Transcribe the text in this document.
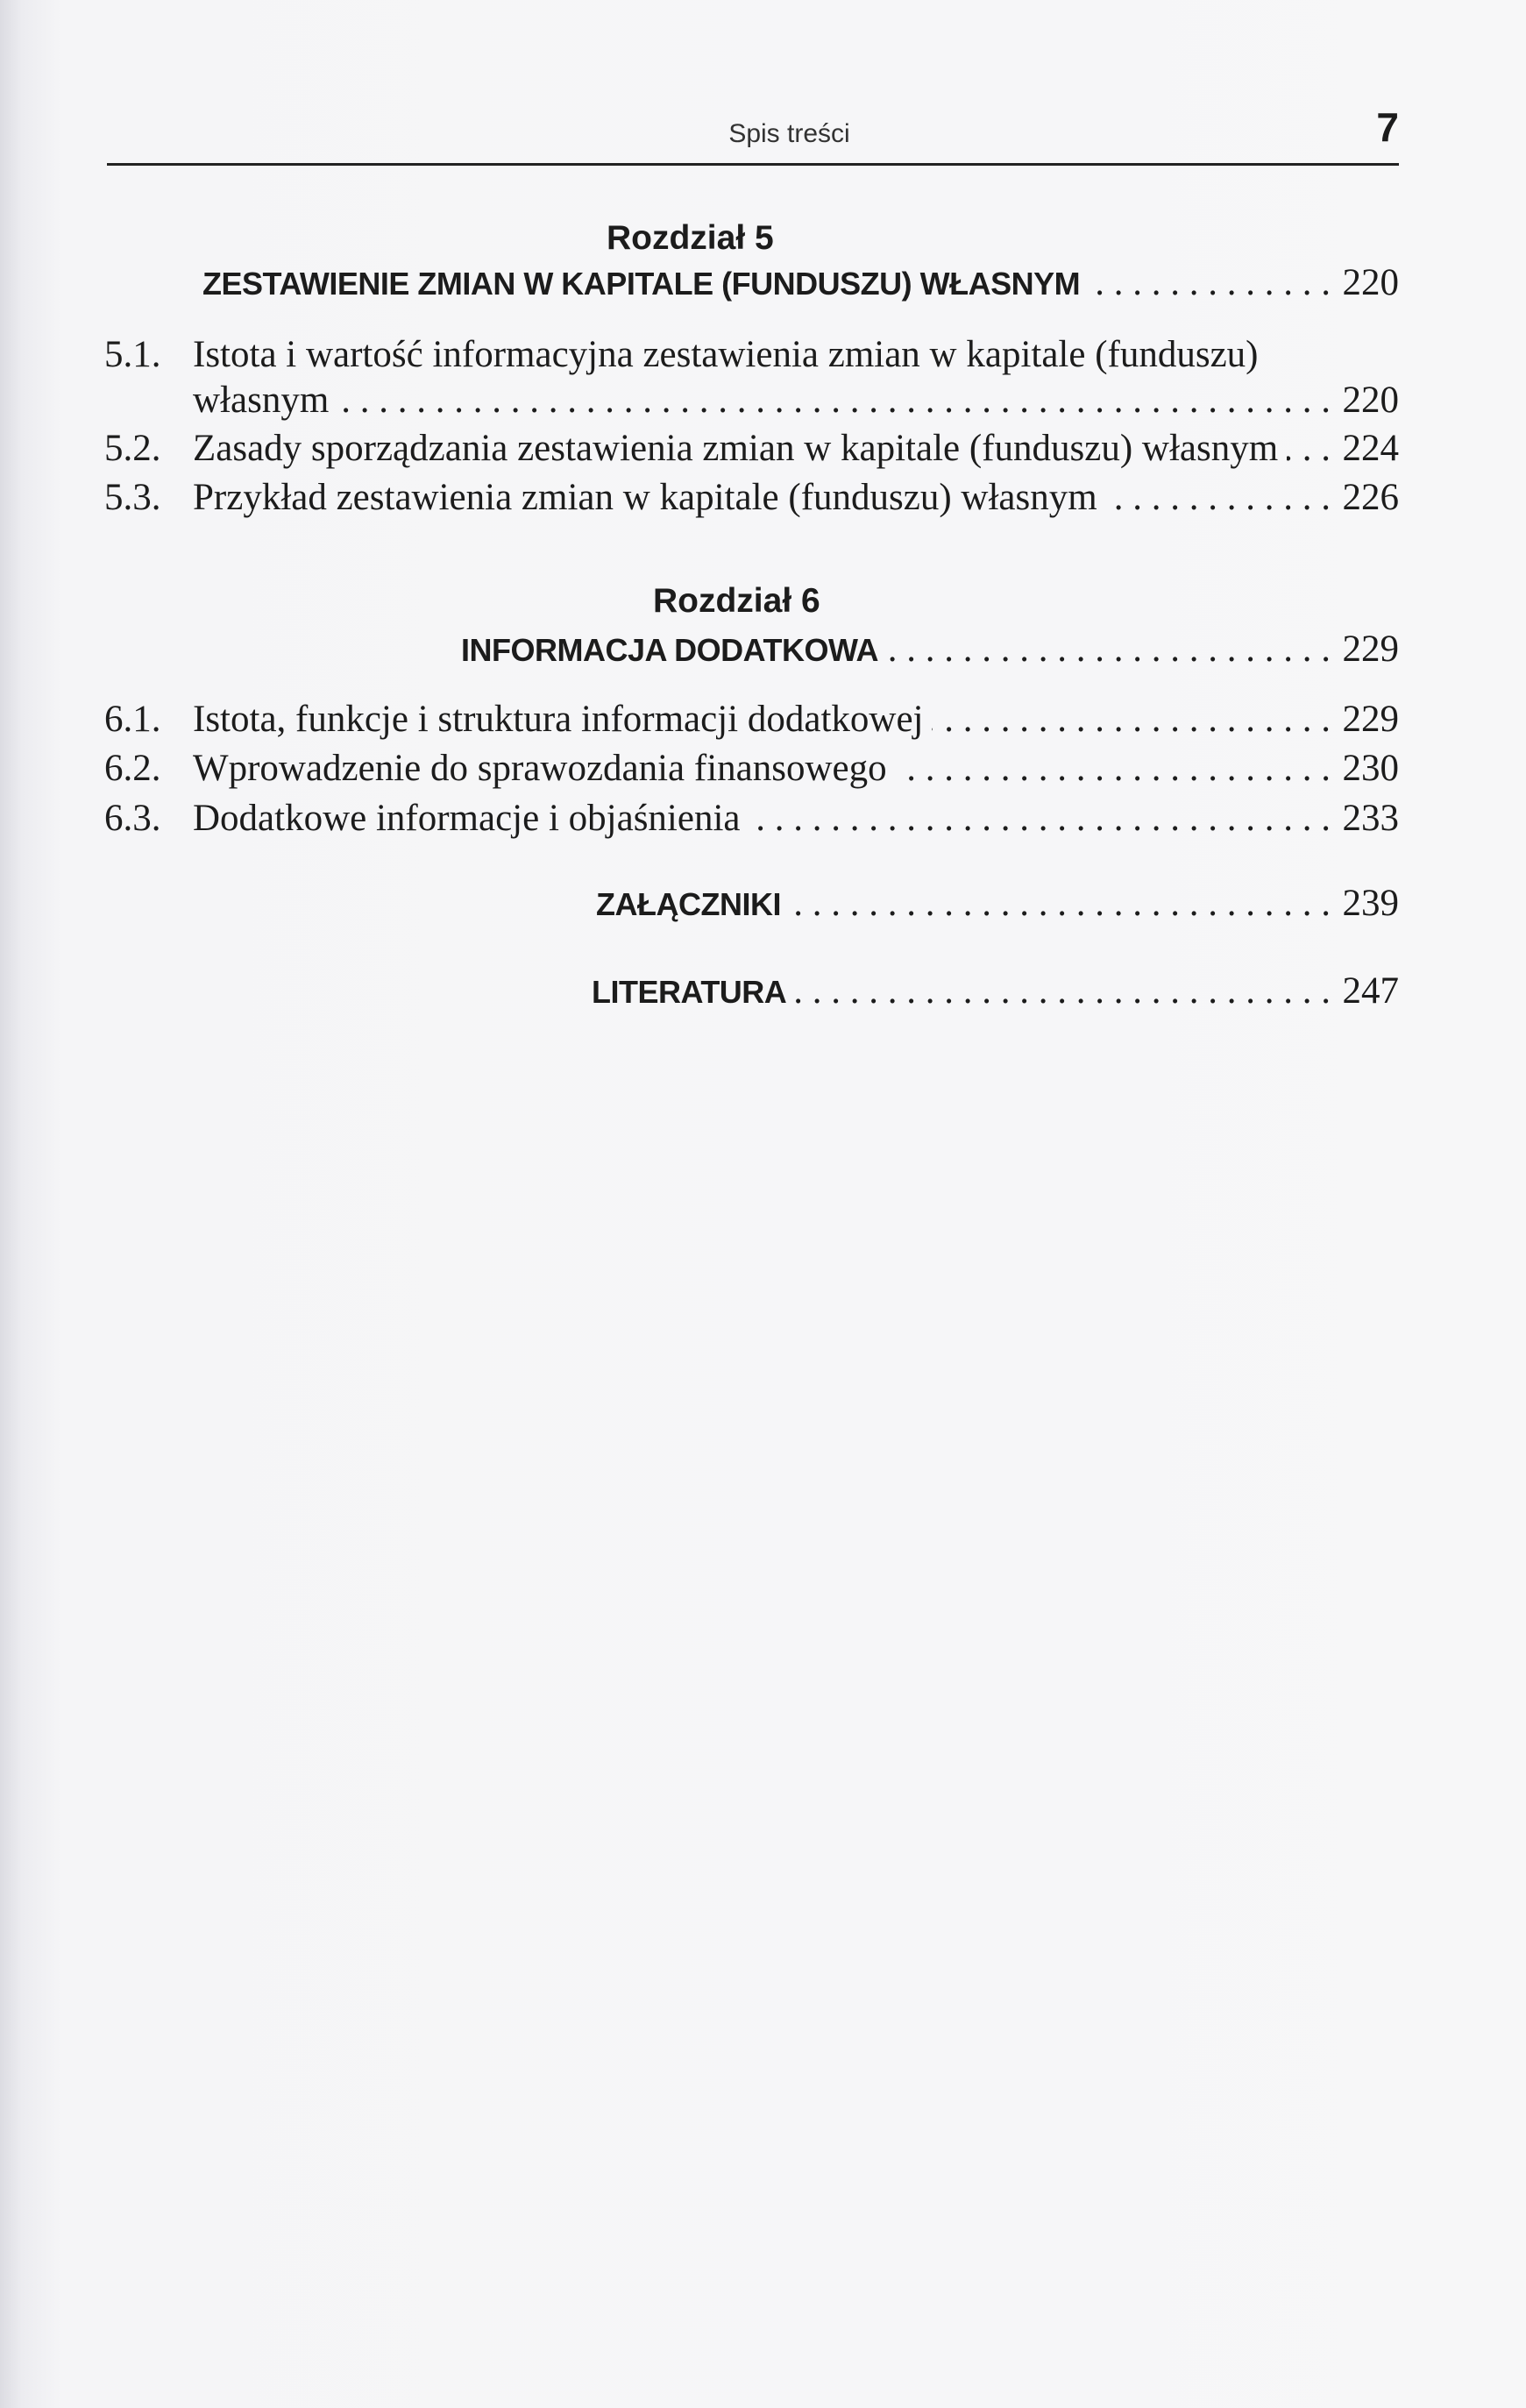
Spis treści	7
Rozdział 5
ZESTAWIENIE ZMIAN W KAPITALE (FUNDUSZU) WŁASNYM . . .	220
5.1. Istota i wartość informacyjna zestawienia zmian w kapitale (funduszu)
własnym . . .	220
5.2. Zasady sporządzania zestawienia zmian w kapitale (funduszu) własnym . . . 224
5.3. Przykład zestawienia zmian w kapitale (funduszu) własnym . . .	226
Rozdział 6
INFORMACJA DODATKOWA . . .	229
6.1. Istota, funkcje i struktura informacji dodatkowej . . .	229
6.2. Wprowadzenie do sprawozdania finansowego . . .	230
6.3. Dodatkowe informacje i objaśnienia . . .	233
ZAŁĄCZNIKI . . .	239
LITERATURA . . .	247
